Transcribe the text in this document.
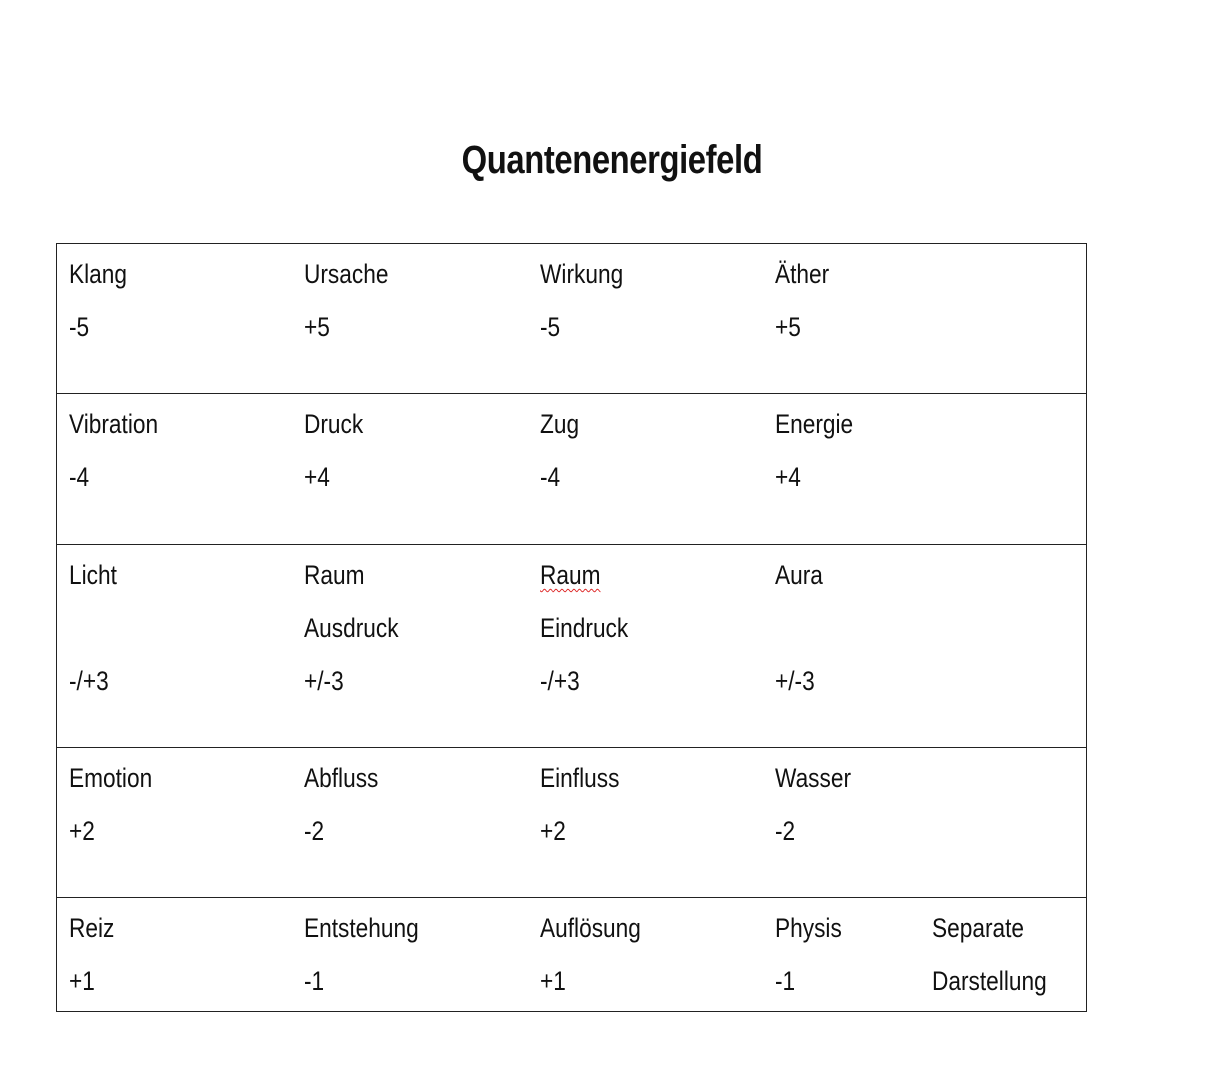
Quantenenergiefeld
Klang
-5
Ursache
+5
Wirkung
-5
Äther
+5
Vibration
-4
Druck
+4
Zug
-4
Energie
+4
Licht
-/+3
Raum
Ausdruck
+/-3
Raum
Eindruck
-/+3
Aura
+/-3
Emotion
+2
Abfluss
-2
Einfluss
+2
Wasser
-2
Reiz
+1
Entstehung
-1
Auflösung
+1
Physis
-1
Separate
Darstellung
